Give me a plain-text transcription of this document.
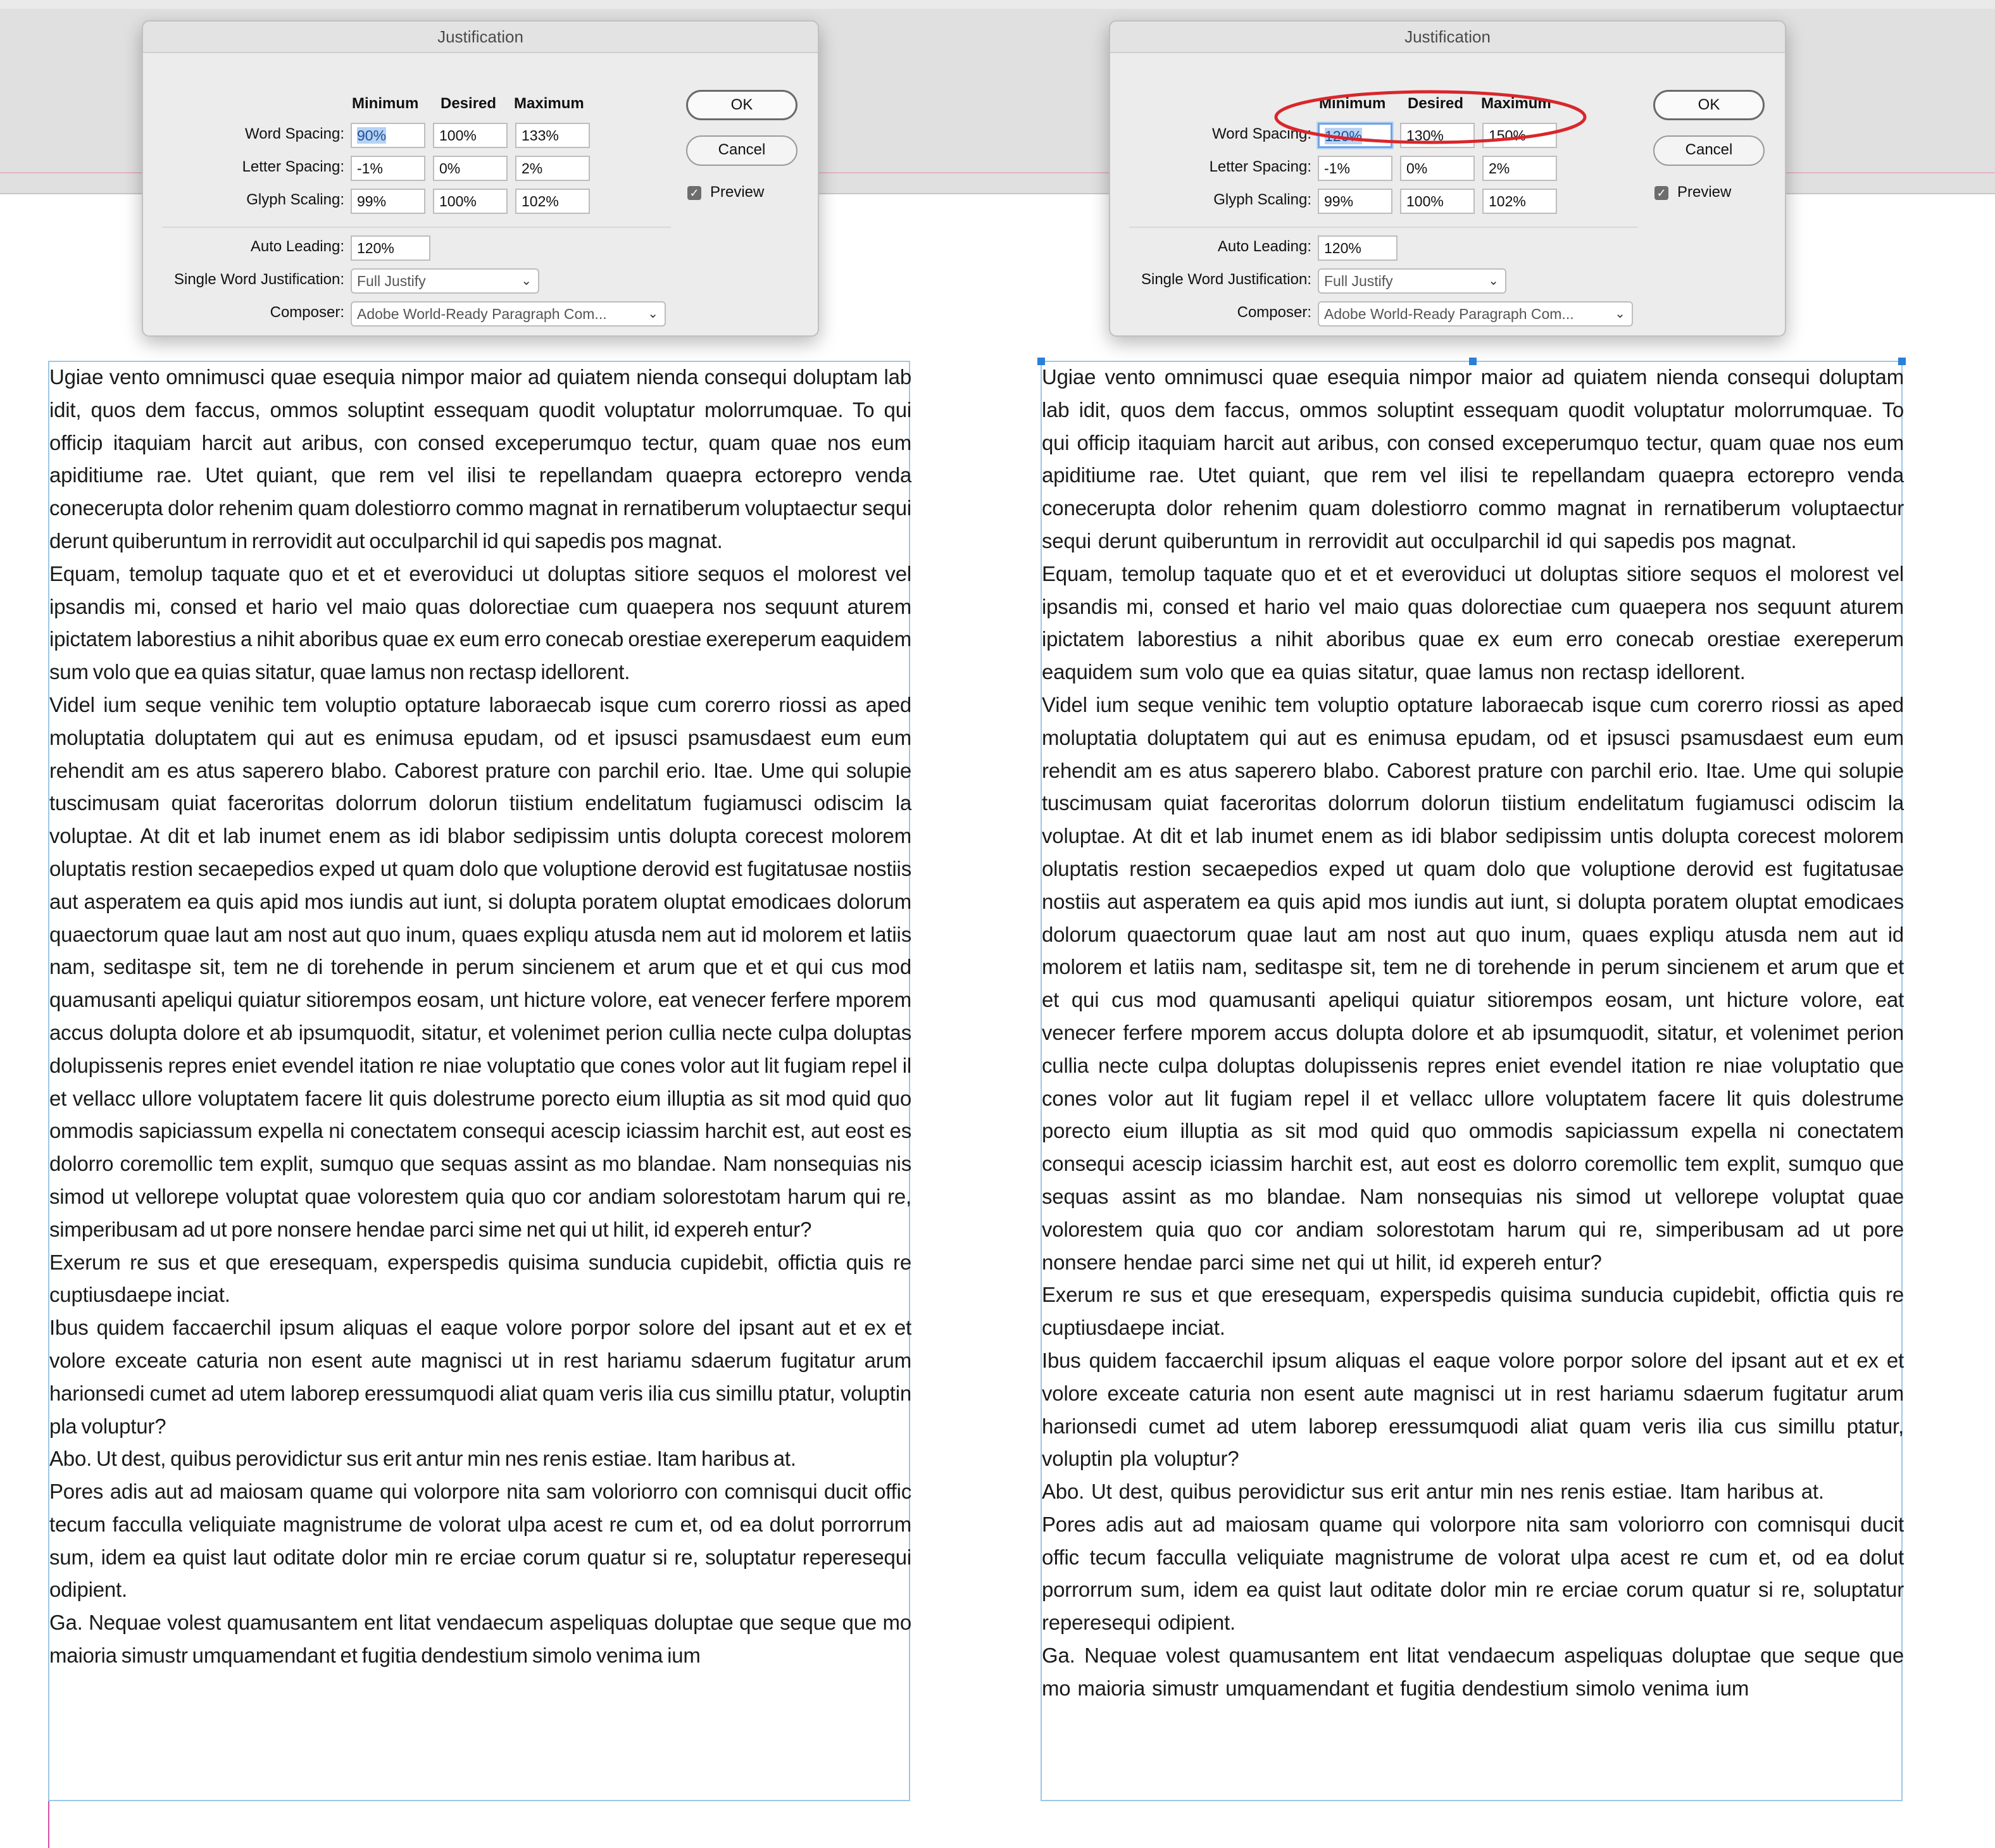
Justification
Minimum Desired Maximum
Word Spacing: 90%	100%	133%
Letter Spacing: -1%	0%	2%
Glyph Scaling: 99%	100%	102%
Auto Leading: 120%
Single Word Justification: Full Justify	⌄
Composer: Adobe World-Ready Paragraph Com...	⌄
OK
Cancel
✓ Preview
Justification
Minimum Desired Maximum
Word Spacing: 120%	130%	150%
Letter Spacing: -1%	0%	2%
Glyph Scaling: 99%	100%	102%
Auto Leading: 120%
Single Word Justification: Full Justify	⌄
Composer: Adobe World-Ready Paragraph Com...	⌄
OK
Cancel
✓ Preview

Ugiae vento omnimusci quae esequia nimpor maior ad quiatem nienda consequi doluptam lab idit, quos dem faccus, ommos soluptint essequam quodit voluptatur molorrumquae. To qui officip itaquiam harcit aut aribus, con consed exceperumquo tectur, quam quae nos eum apiditiume rae. Utet quiant, que rem vel ilisi te repellandam quaepra ectorepro venda conecerupta dolor rehenim quam dolestiorro commo magnat in rernatiberum voluptaectur sequi derunt quiberuntum in rerrovidit aut occulparchil id qui sapedis pos magnat.

Equam, temolup taquate quo et et et everoviduci ut doluptas sitiore sequos el molorest vel ipsandis mi, consed et hario vel maio quas dolorectiae cum quaepera nos sequunt aturem ipictatem laborestius a nihit aboribus quae ex eum erro conecab orestiae exereperum eaquidem sum volo que ea quias sitatur, quae lamus non rectasp idellorent.

Videl ium seque venihic tem voluptio optature laboraecab isque cum corerro riossi as aped moluptatia doluptatem qui aut es enimusa epudam, od et ipsusci psamusdaest eum eum rehendit am es atus saperero blabo. Caborest prature con parchil erio. Itae. Ume qui solupie tuscimusam quiat faceroritas dolorrum dolorun tiistium endelitatum fugiamusci odiscim la voluptae. At dit et lab inumet enem as idi blabor sedipissim untis dolupta corecest molorem oluptatis restion secaepedios exped ut quam dolo que voluptione derovid est fugitatusae nostiis aut asperatem ea quis apid mos iundis aut iunt, si dolupta poratem oluptat emodicaes dolorum quaectorum quae laut am nost aut quo inum, quaes expliqu atusda nem aut id molorem et latiis nam, seditaspe sit, tem ne di torehende in perum sincienem et arum que et et qui cus mod quamusanti apeliqui quiatur sitiorempos eosam, unt hicture volore, eat venecer ferfere mporem accus dolupta dolore et ab ipsumquodit, sitatur, et volenimet perion cullia necte culpa doluptas dolupissenis repres eniet evendel itation re niae voluptatio que cones volor aut lit fugiam repel il et vellacc ullore voluptatem facere lit quis dolestrume porecto eium illuptia as sit mod quid quo ommodis sapiciassum expella ni conectatem consequi acescip iciassim harchit est, aut eost es dolorro coremollic tem explit, sumquo que sequas assint as mo blandae. Nam nonsequias nis simod ut vellorepe voluptat quae volorestem quia quo cor andiam solorestotam harum qui re, simperibusam ad ut pore nonsere hendae parci sime net qui ut hilit, id expereh entur?

Exerum re sus et que eresequam, experspedis quisima sunducia cupidebit, offictia quis re cuptiusdaepe inciat.

Ibus quidem faccaerchil ipsum aliquas el eaque volore porpor solore del ipsant aut et ex et volore exceate caturia non esent aute magnisci ut in rest hariamu sdaerum fugitatur arum harionsedi cumet ad utem laborep eressumquodi aliat quam veris ilia cus simillu ptatur, voluptin pla voluptur?

Abo. Ut dest, quibus perovidictur sus erit antur min nes renis estiae. Itam haribus at.

Pores adis aut ad maiosam quame qui volorpore nita sam voloriorro con comnisqui ducit offic tecum facculla veliquiate magnistrume de volorat ulpa acest re cum et, od ea dolut porrorrum sum, idem ea quist laut oditate dolor min re erciae corum quatur si re, soluptatur reperesequi odipient.

Ga. Nequae volest quamusantem ent litat vendaecum aspeliquas doluptae que seque que mo maioria simustr umquamendant et fugitia dendestium simolo venima ium

Ugiae vento omnimusci quae esequia nimpor maior ad quiatem nienda consequi doluptam lab idit, quos dem faccus, ommos soluptint essequam quodit voluptatur molorrumquae. To qui officip itaquiam harcit aut aribus, con consed exceperumquo tectur, quam quae nos eum apiditiume rae. Utet quiant, que rem vel ilisi te repellandam quaepra ectorepro venda conecerupta dolor rehenim quam dolestiorro commo magnat in rernatiberum voluptaectur sequi derunt quiberuntum in rerrovidit aut occulparchil id qui sapedis pos magnat.

Equam, temolup taquate quo et et et everoviduci ut doluptas sitiore sequos el molorest vel ipsandis mi, consed et hario vel maio quas dolorectiae cum quaepera nos sequunt aturem ipictatem laborestius a nihit aboribus quae ex eum erro conecab orestiae exereperum eaquidem sum volo que ea quias sitatur, quae lamus non rectasp idellorent.

Videl ium seque venihic tem voluptio optature laboraecab isque cum corerro riossi as aped moluptatia doluptatem qui aut es enimusa epudam, od et ipsusci psamusdaest eum eum rehendit am es atus saperero blabo. Caborest prature con parchil erio. Itae. Ume qui solupie tuscimusam quiat faceroritas dolorrum dolorun tiistium endelitatum fugiamusci odiscim la voluptae. At dit et lab inumet enem as idi blabor sedipissim untis dolupta corecest molorem oluptatis restion secaepedios exped ut quam dolo que voluptione derovid est fugitatusae nostiis aut asperatem ea quis apid mos iundis aut iunt, si dolupta poratem oluptat emodicaes dolorum quaectorum quae laut am nost aut quo inum, quaes expliqu atusda nem aut id molorem et latiis nam, seditaspe sit, tem ne di torehende in perum sincienem et arum que et et qui cus mod quamusanti apeliqui quiatur sitiorempos eosam, unt hicture volore, eat venecer ferfere mporem accus dolupta dolore et ab ipsumquodit, sitatur, et volenimet perion cullia necte culpa doluptas dolupissenis repres eniet evendel itation re niae voluptatio que cones volor aut lit fugiam repel il et vellacc ullore voluptatem facere lit quis dolestrume porecto eium illuptia as sit mod quid quo ommodis sapiciassum expella ni conectatem consequi acescip iciassim harchit est, aut eost es dolorro coremollic tem explit, sumquo que sequas assint as mo blandae. Nam nonsequias nis simod ut vellorepe voluptat quae volorestem quia quo cor andiam solorestotam harum qui re, simperibusam ad ut pore nonsere hendae parci sime net qui ut hilit, id expereh entur?

Exerum re sus et que eresequam, experspedis quisima sunducia cupidebit, offictia quis re cuptiusdaepe inciat.

Ibus quidem faccaerchil ipsum aliquas el eaque volore porpor solore del ipsant aut et ex et volore exceate caturia non esent aute magnisci ut in rest hariamu sdaerum fugitatur arum harionsedi cumet ad utem laborep eressumquodi aliat quam veris ilia cus simillu ptatur, voluptin pla voluptur?

Abo. Ut dest, quibus perovidictur sus erit antur min nes renis estiae. Itam haribus at.

Pores adis aut ad maiosam quame qui volorpore nita sam voloriorro con comnisqui ducit offic tecum facculla veliquiate magnistrume de volorat ulpa acest re cum et, od ea dolut porrorrum sum, idem ea quist laut oditate dolor min re erciae corum quatur si re, soluptatur reperesequi odipient.

Ga. Nequae volest quamusantem ent litat vendaecum aspeliquas doluptae que seque que mo maioria simustr umquamendant et fugitia dendestium simolo venima ium
